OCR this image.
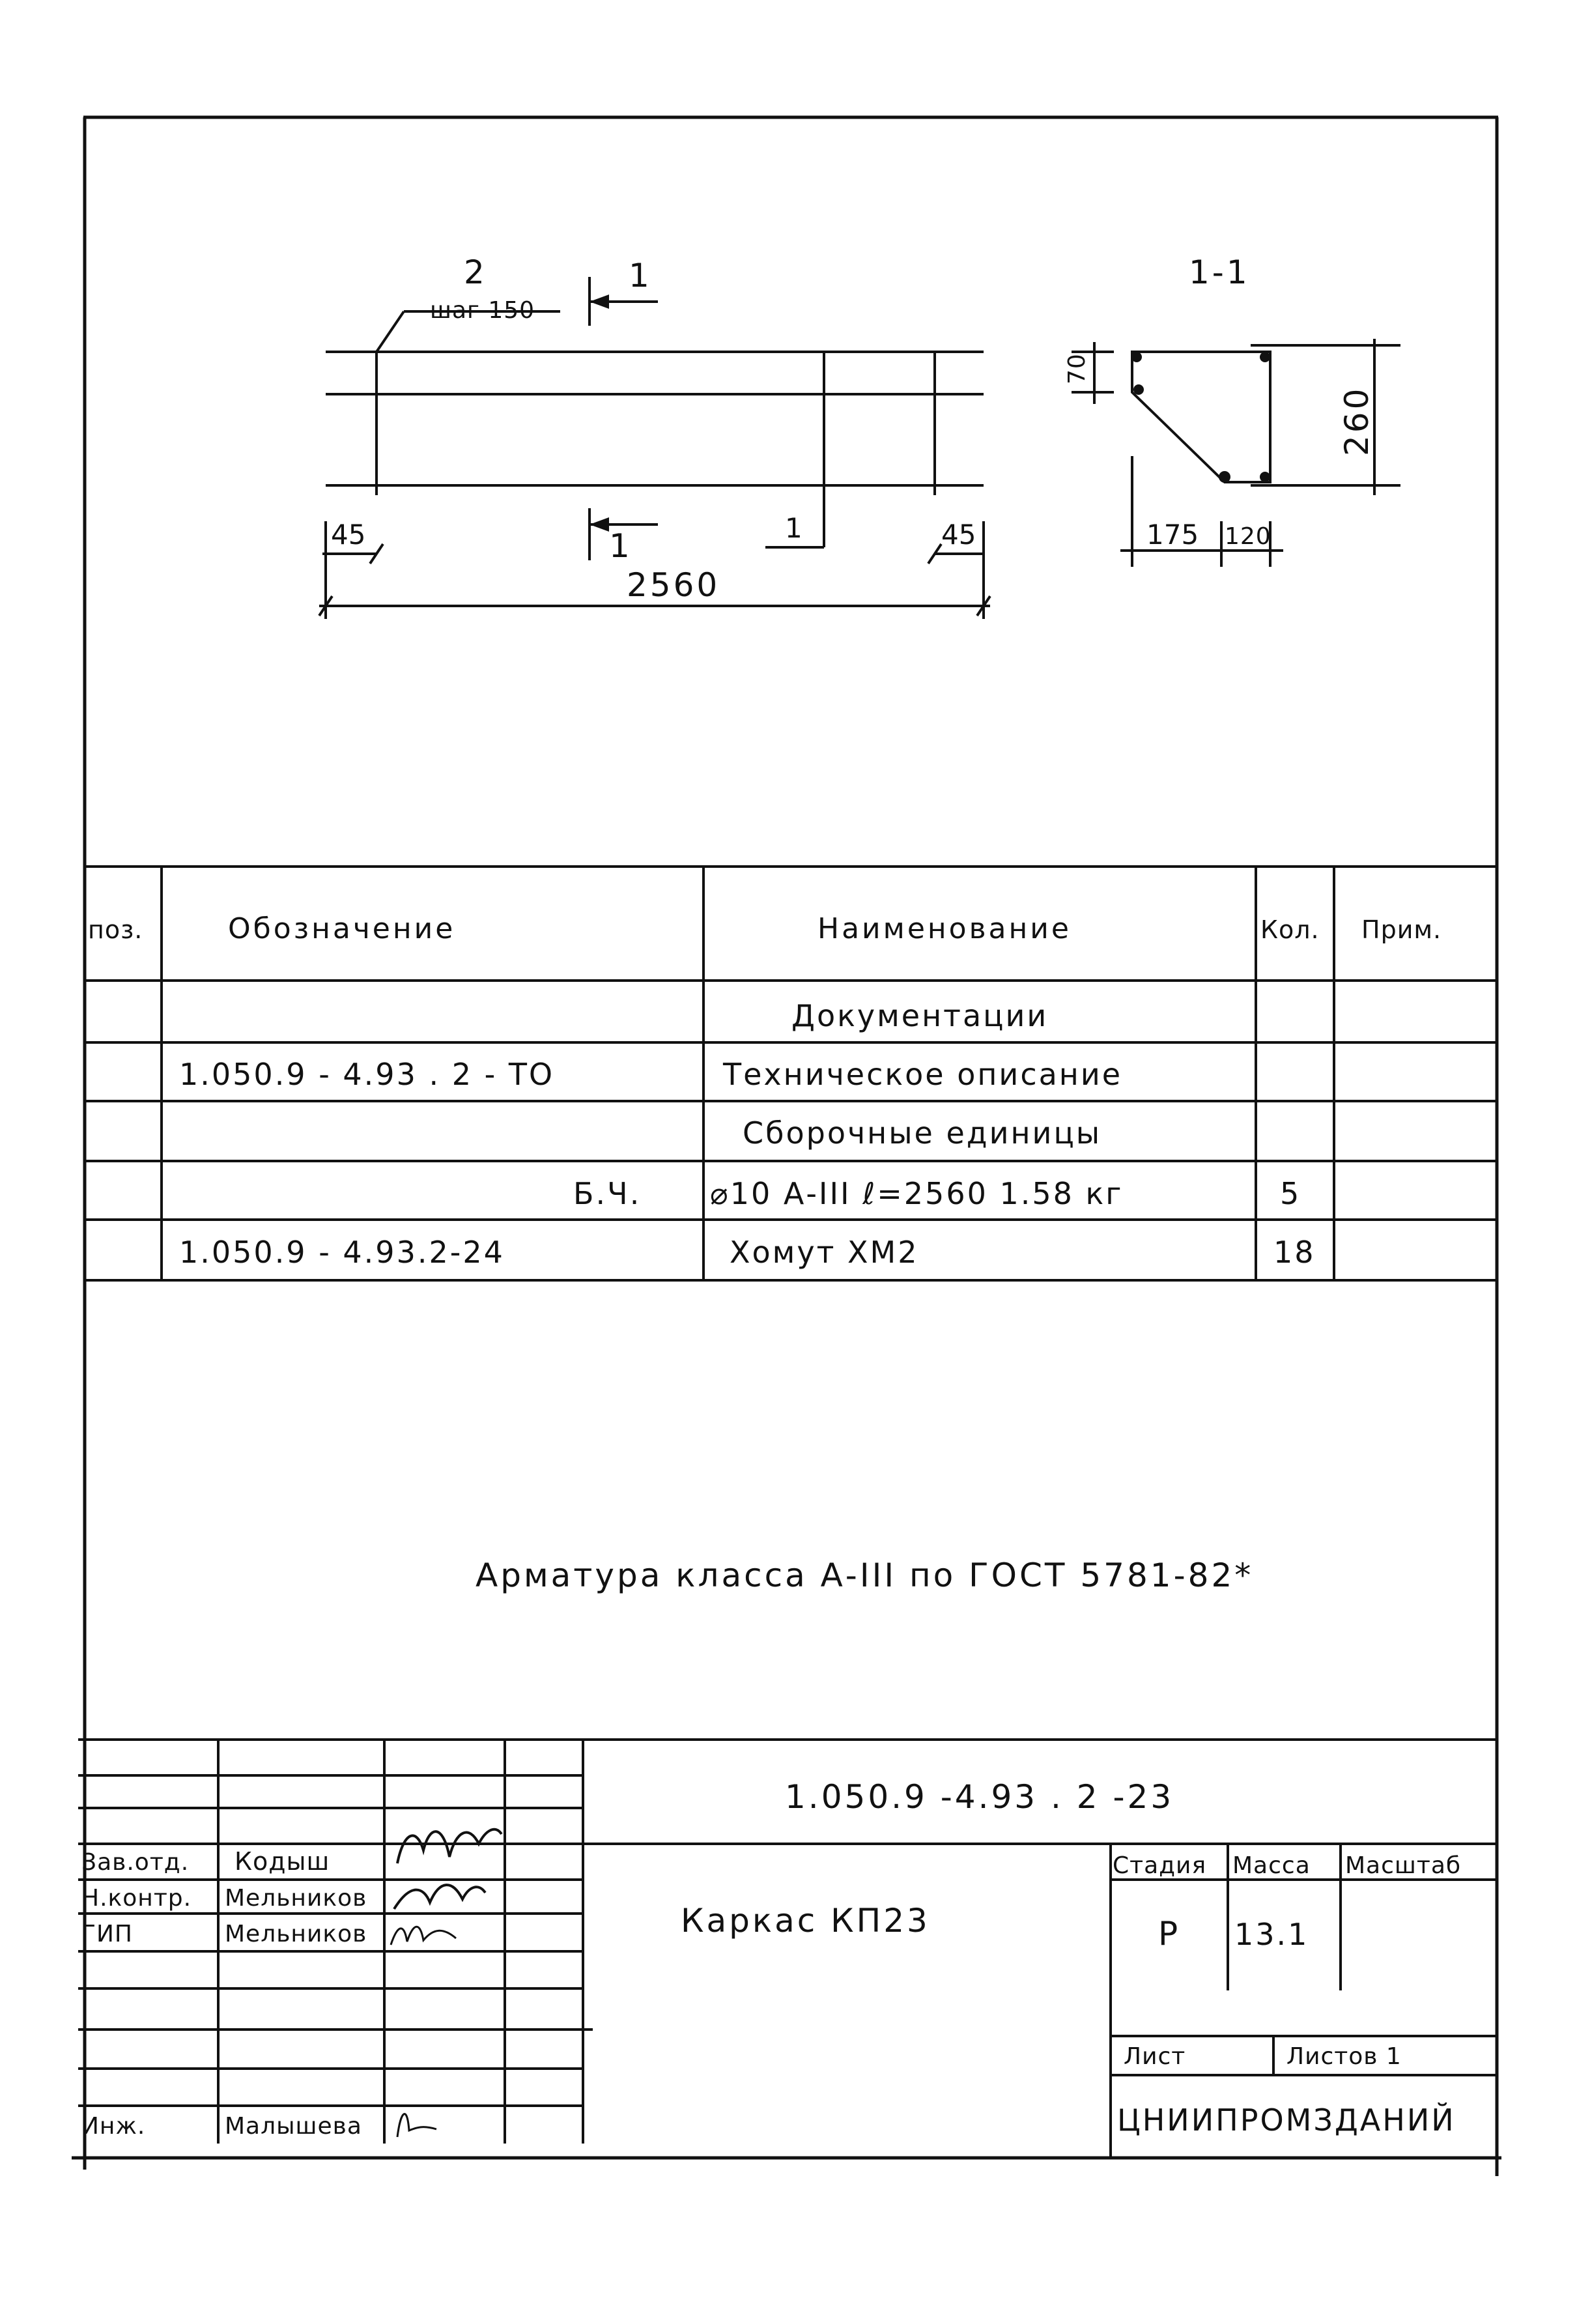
2
шаг 150
1
1	1
45	45
2560
1-1
70
260
175 120
поз.	Обозначение	Наименование	Кол. Прим.
Документации
1.050.9 - 4.93 . 2 - ТО	Техническое описание
Сборочные единицы
Б.Ч. ⌀10 А-III ℓ=2560 1.58 кг	5
1.050.9 - 4.93.2-24	Хомут ХМ2	18
Арматура класса А-III по ГОСТ 5781-82*
1.050.9 -4.93 . 2 -23
Каркас КП23
Стадия Масса Масштаб
Р 13.1
Лист	Листов 1
ЦНИИПРОМЗДАНИЙ
Зав.отд. Кодыш
Н.контр. Мельников
ГИП	Мельников
Инж.	Малышева
